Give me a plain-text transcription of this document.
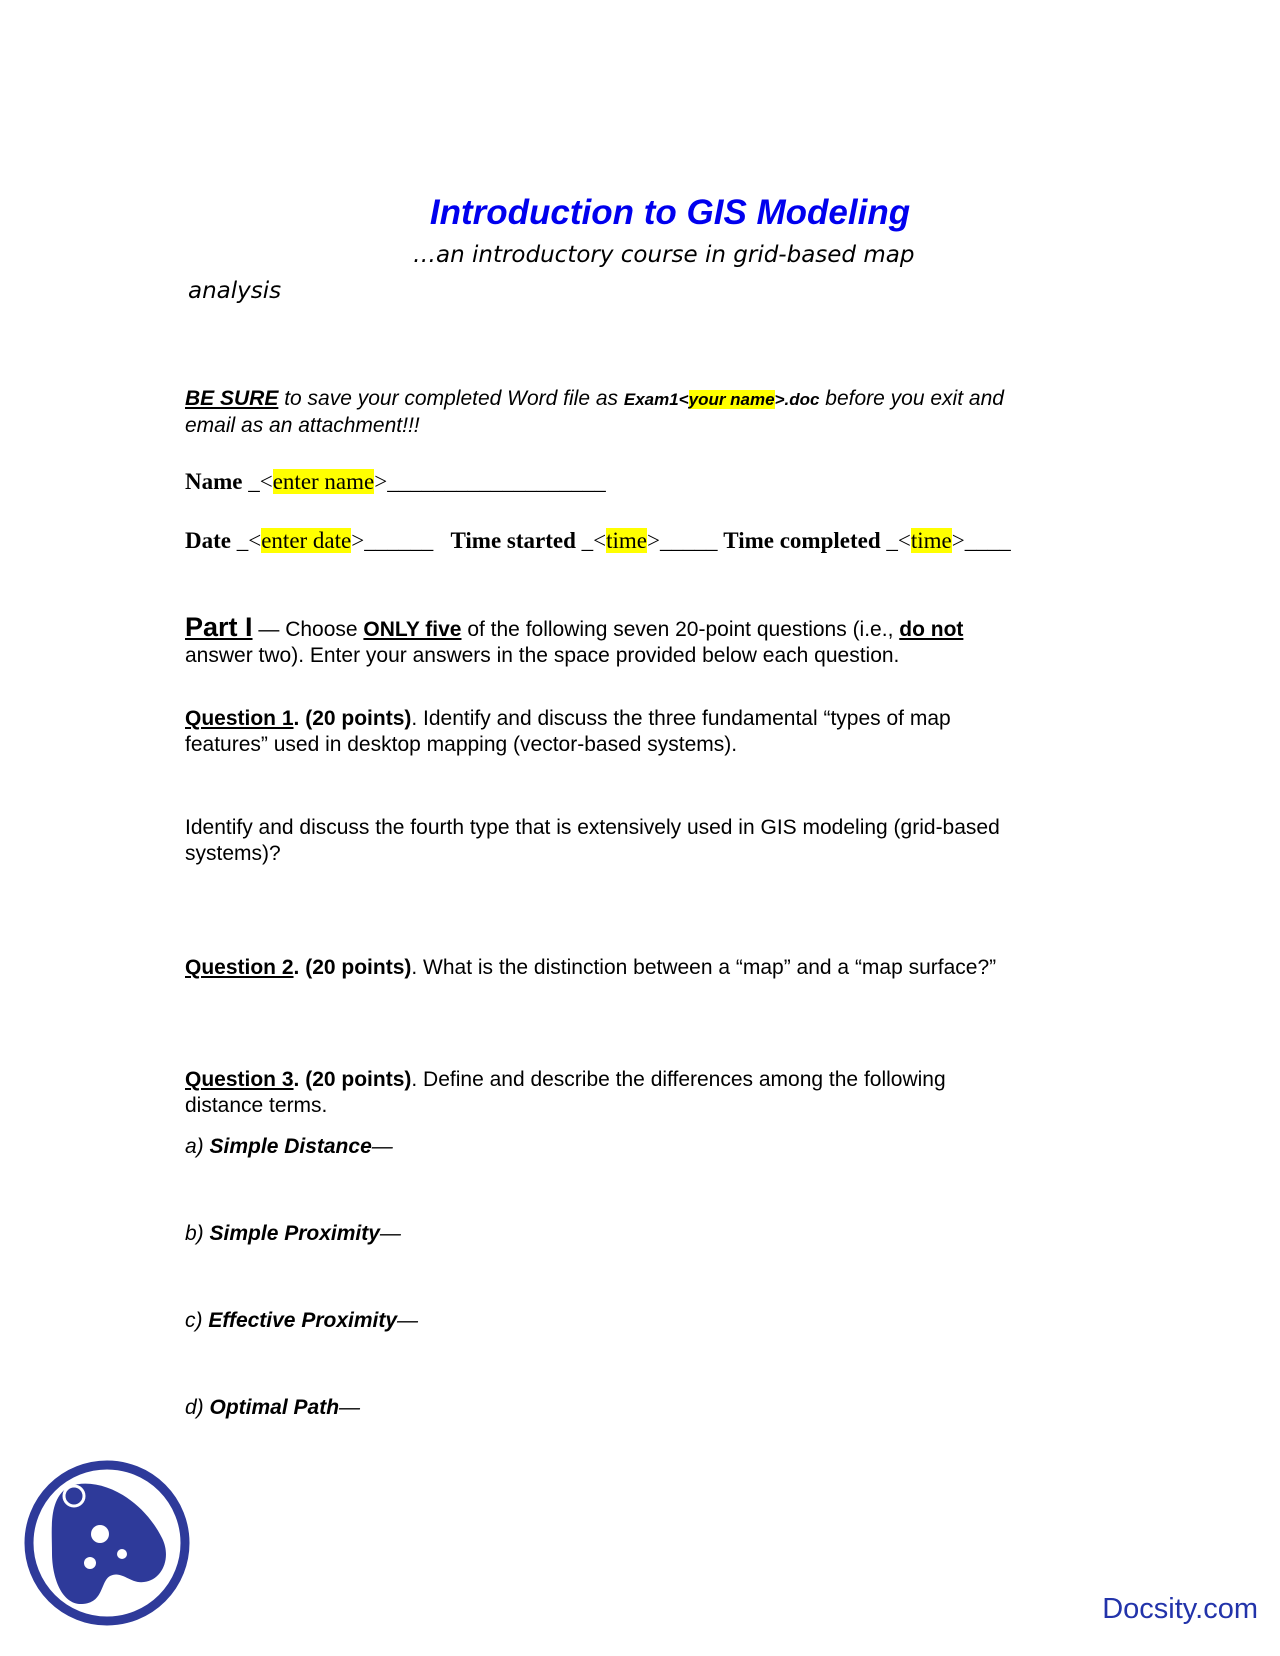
Introduction to GIS Modeling
…an introductory course in grid-based map
analysis
BE SURE to save your completed Word file as Exam1<your name>.doc before you exit and
email as an attachment!!!
Name _<enter name>___________________
Date _<enter date>______ Time started _<time>_____ Time completed _<time>____
Part I — Choose ONLY five of the following seven 20-point questions (i.e., do not
answer two). Enter your answers in the space provided below each question.
Question 1. (20 points). Identify and discuss the three fundamental “types of map
features” used in desktop mapping (vector-based systems).
Identify and discuss the fourth type that is extensively used in GIS modeling (grid-based
systems)?
Question 2. (20 points). What is the distinction between a “map” and a “map surface?”
Question 3. (20 points). Define and describe the differences among the following
distance terms.
a) Simple Distance—
b) Simple Proximity—
c) Effective Proximity—
d) Optimal Path—
Docsity.com
